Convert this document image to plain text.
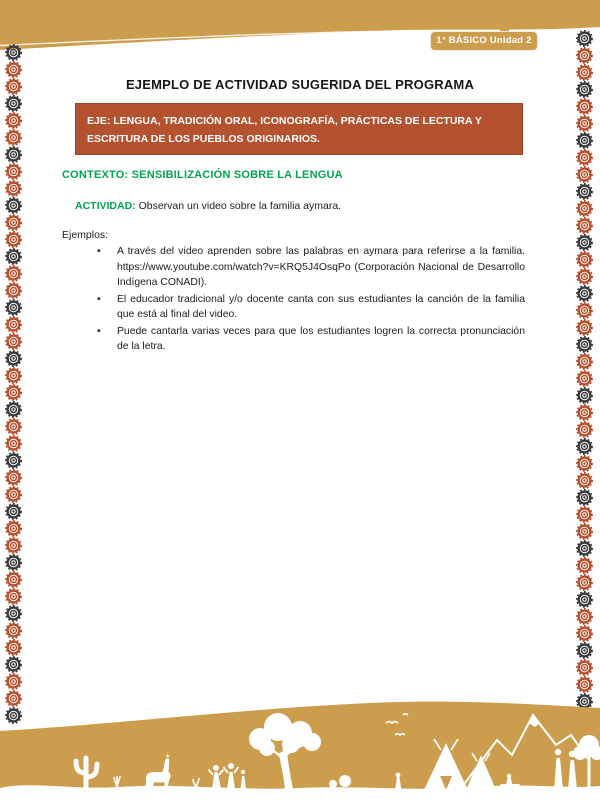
1° BÁSICO Unidad 2
EJEMPLO DE ACTIVIDAD SUGERIDA DEL PROGRAMA
EJE: LENGUA, TRADICIÓN ORAL, ICONOGRAFÍA, PRÁCTICAS DE LECTURA Y ESCRITURA DE LOS PUEBLOS ORIGINARIOS.
CONTEXTO: SENSIBILIZACIÓN SOBRE LA LENGUA
ACTIVIDAD: Observan un video sobre la familia aymara.
Ejemplos:
• A través del video aprenden sobre las palabras en aymara para referirse a la familia. https://www.youtube.com/watch?v=KRQ5J4OsqPo (Corporación Nacional de Desarrollo Indígena CONADI).
• El educador tradicional y/o docente canta con sus estudiantes la canción de la familia que está al final del video.
• Puede cantarla varias veces para que los estudiantes logren la correcta pronunciación de la letra.
